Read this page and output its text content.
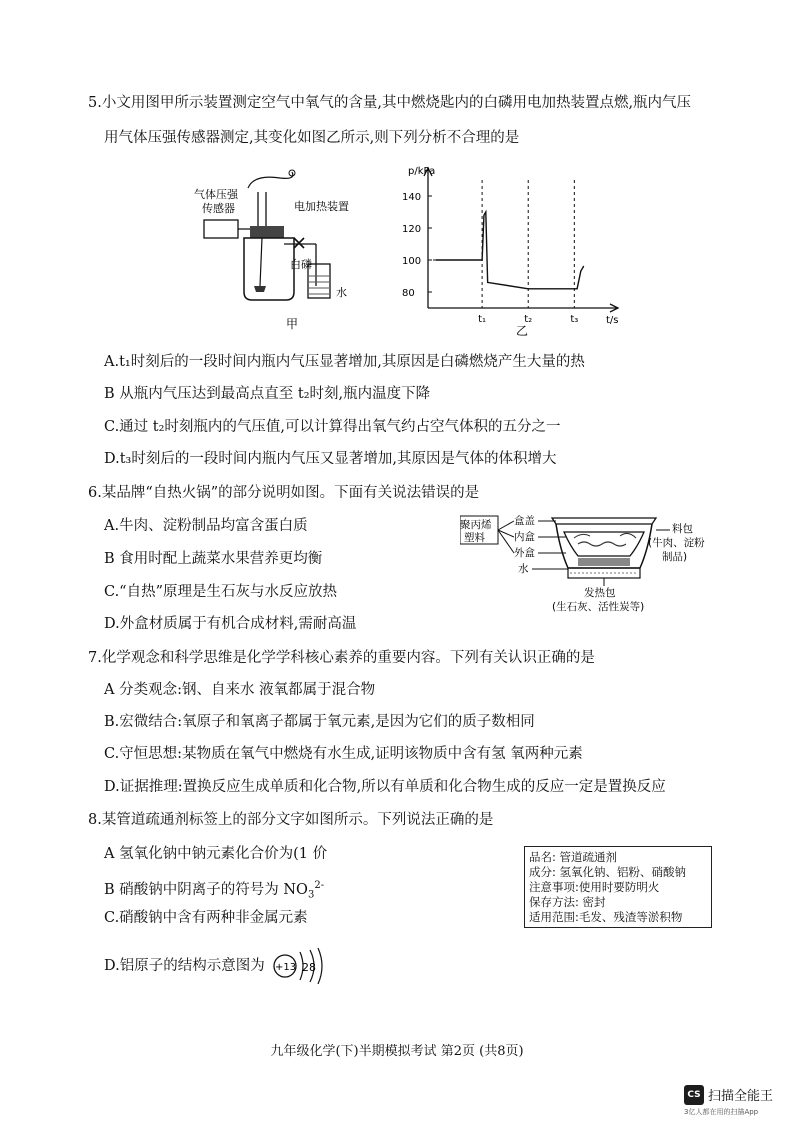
5.小文用图甲所示装置测定空气中氧气的含量,其中燃烧匙内的白磷用电加热装置点燃,瓶内气压
用气体压强传感器测定,其变化如图乙所示,则下列分析不合理的是
气体压强
传感器	电加热装置
白磷
水
甲
p/kPa
t/s
乙
140
120
100
80
t₁	t₂	t₃
A.t₁时刻后的一段时间内瓶内气压显著增加,其原因是白磷燃烧产生大量的热
B 从瓶内气压达到最高点直至 t₂时刻,瓶内温度下降
C.通过 t₂时刻瓶内的气压值,可以计算得出氧气约占空气体积的五分之一
D.t₃时刻后的一段时间内瓶内气压又显著增加,其原因是气体的体积增大
6.某品牌“自热火锅”的部分说明如图。下面有关说法错误的是
A.牛肉、淀粉制品均富含蛋白质
B 食用时配上蔬菜水果营养更均衡
C.“自热”原理是生石灰与水反应放热
D.外盒材质属于有机合成材料,需耐高温
聚丙烯
塑料
盒盖
内盒
外盒
水
发热包
(生石灰、活性炭等)
料包
(牛肉、淀粉
制品)
7.化学观念和科学思维是化学学科核心素养的重要内容。下列有关认识正确的是
A 分类观念:钢、自来水 液氧都属于混合物
B.宏微结合:氧原子和氧离子都属于氧元素,是因为它们的质子数相同
C.守恒思想:某物质在氧气中燃烧有水生成,证明该物质中含有氢 氧两种元素
D.证据推理:置换反应生成单质和化合物,所以有单质和化合物生成的反应一定是置换反应
8.某管道疏通剂标签上的部分文字如图所示。下列说法正确的是
A 氢氧化钠中钠元素化合价为(1 价
B 硝酸钠中阴离子的符号为 $NO_3^{2-}$
C.硝酸钠中含有两种非金属元素
D.铝原子的结构示意图为 +13 28
品名: 管道疏通剂
成分: 氢氧化钠、铝粉、硝酸钠
注意事项:使用时要防明火
保存方法: 密封
适用范围:毛发、残渣等淤积物
九年级化学(下)半期模拟考试 第2页 (共8页)
CS 扫描全能王
3亿人都在用的扫描App
